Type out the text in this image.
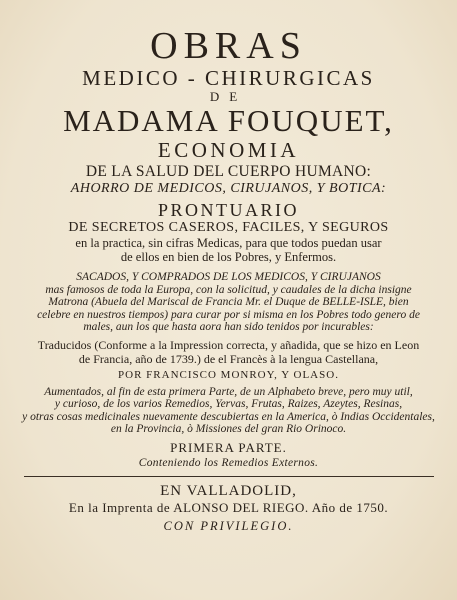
OBRAS
MEDICO - CHIRURGICAS
DE
MADAMA FOUQUET,
ECONOMIA
DE LA SALUD DEL CUERPO HUMANO:
AHORRO DE MEDICOS, CIRUJANOS, Y BOTICA:
PRONTUARIO
DE SECRETOS CASEROS, FACILES, Y SEGUROS
en la practica, sin cifras Medicas, para que todos puedan usar
de ellos en bien de los Pobres, y Enfermos.
SACADOS, Y COMPRADOS DE LOS MEDICOS, Y CIRUJANOS
mas famosos de toda la Europa, con la solicitud, y caudales de la dicha insigne
Matrona (Abuela del Mariscal de Francia Mr. el Duque de BELLE-ISLE, bien
celebre en nuestros tiempos) para curar por si misma en los Pobres todo genero de
males, aun los que hasta aora han sido tenidos por incurables:
Traducidos (Conforme a la Impression correcta, y añadida, que se hizo en Leon
de Francia, año de 1739.) de el Francès à la lengua Castellana,
POR FRANCISCO MONROY, Y OLASO.
Aumentados, al fin de esta primera Parte, de un Alphabeto breve, pero muy util,
y curioso, de los varios Remedios, Yervas, Frutas, Raizes, Azeytes, Resinas,
y otras cosas medicinales nuevamente descubiertas en la America, ò Indias Occidentales,
en la Provincia, ò Missiones del gran Rio Orinoco.
PRIMERA PARTE.
Conteniendo los Remedios Externos.
EN VALLADOLID,
En la Imprenta de ALONSO DEL RIEGO. Año de 1750.
CON PRIVILEGIO.
